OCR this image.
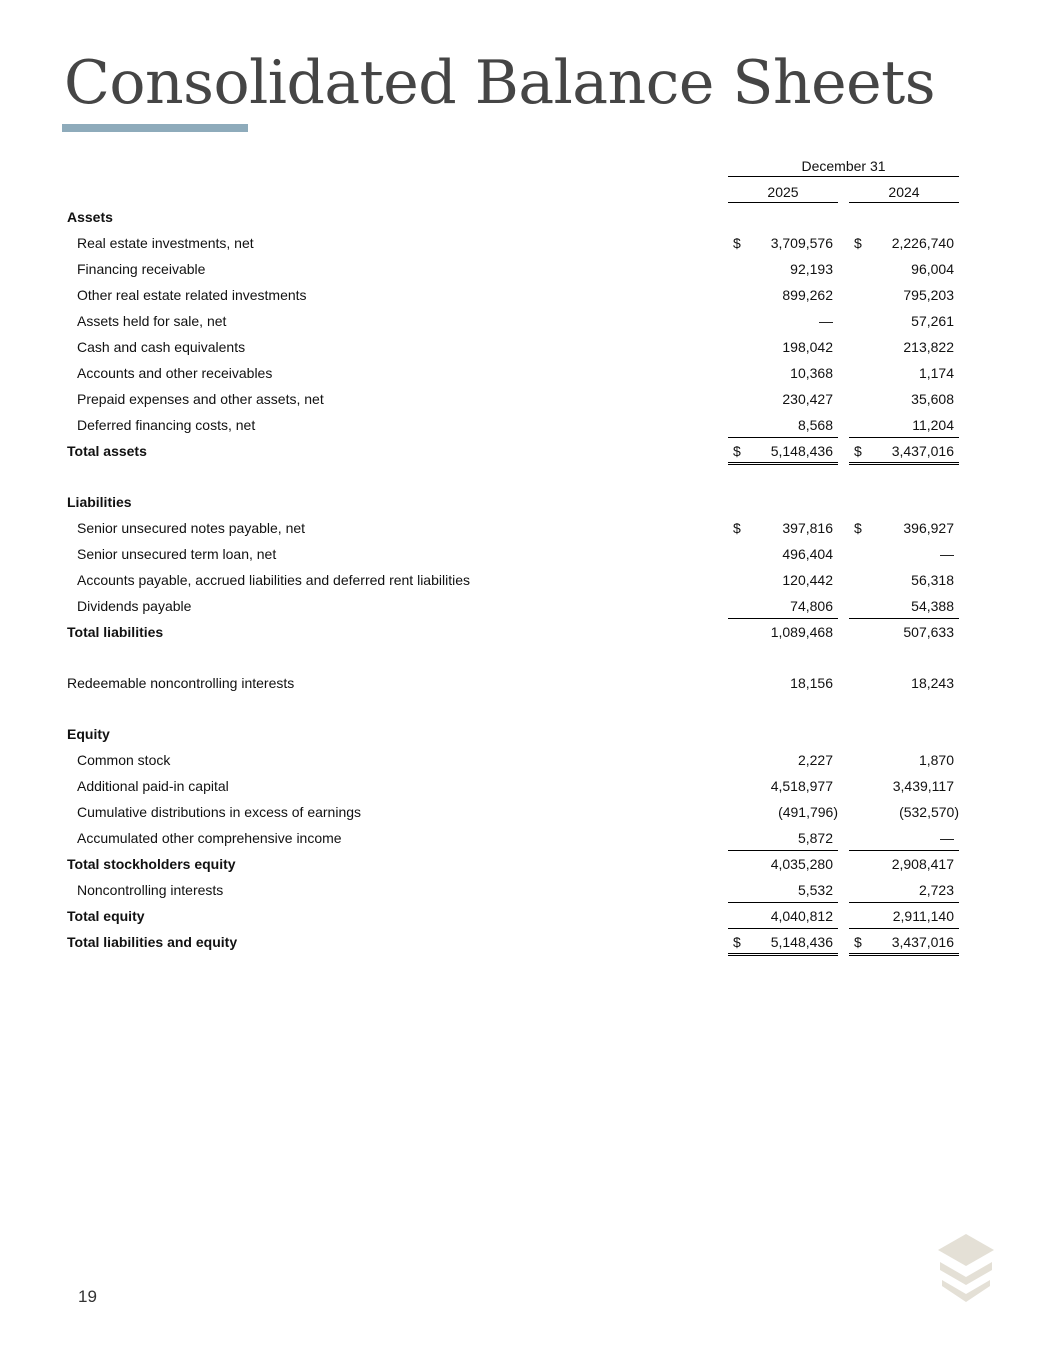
Consolidated Balance Sheets
December 31
2025	2024
Assets
Real estate investments, net	$ 3,709,576 $ 2,226,740
Financing receivable	92,193	96,004
Other real estate related investments	899,262	795,203
Assets held for sale, net	—	57,261
Cash and cash equivalents	198,042	213,822
Accounts and other receivables	10,368	1,174
Prepaid expenses and other assets, net	230,427	35,608
Deferred financing costs, net	8,568	11,204
Total assets	$ 5,148,436 $ 3,437,016
Liabilities
Senior unsecured notes payable, net	$	397,816 $	396,927
Senior unsecured term loan, net	496,404	—
Accounts payable, accrued liabilities and deferred rent liabilities	120,442	56,318
Dividends payable	74,806	54,388
Total liabilities	1,089,468	507,633
Redeemable noncontrolling interests	18,156	18,243
Equity
Common stock	2,227	1,870
Additional paid-in capital	4,518,977	3,439,117
Cumulative distributions in excess of earnings	(491,796)	(532,570)
Accumulated other comprehensive income	5,872	—
Total stockholders equity	4,035,280	2,908,417
Noncontrolling interests	5,532	2,723
Total equity	4,040,812	2,911,140
Total liabilities and equity	$ 5,148,436 $ 3,437,016
19
